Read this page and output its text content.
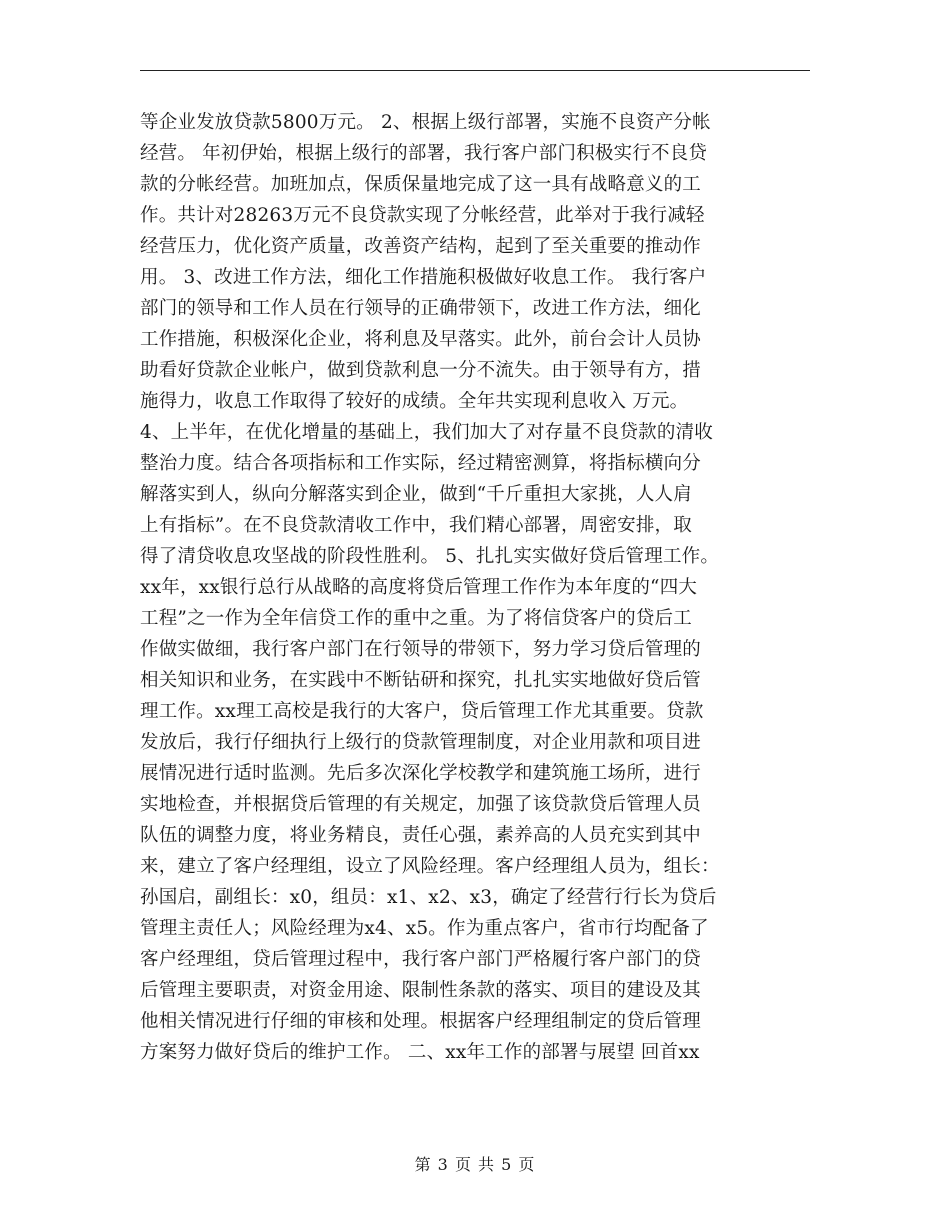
等企业发放贷款5800万元。 2、根据上级行部署，实施不良资产分帐
经营。 年初伊始，根据上级行的部署，我行客户部门积极实行不良贷
款的分帐经营。加班加点，保质保量地完成了这一具有战略意义的工
作。共计对28263万元不良贷款实现了分帐经营，此举对于我行减轻
经营压力，优化资产质量，改善资产结构，起到了至关重要的推动作
用。 3、改进工作方法，细化工作措施积极做好收息工作。 我行客户
部门的领导和工作人员在行领导的正确带领下，改进工作方法，细化
工作措施，积极深化企业，将利息及早落实。此外，前台会计人员协
助看好贷款企业帐户，做到贷款利息一分不流失。由于领导有方，措
施得力，收息工作取得了较好的成绩。全年共实现利息收入 万元。
4、上半年，在优化增量的基础上，我们加大了对存量不良贷款的清收
整治力度。结合各项指标和工作实际，经过精密测算，将指标横向分
解落实到人，纵向分解落实到企业，做到“千斤重担大家挑，人人肩
上有指标”。在不良贷款清收工作中，我们精心部署，周密安排，取
得了清贷收息攻坚战的阶段性胜利。 5、扎扎实实做好贷后管理工作。
xx年，xx银行总行从战略的高度将贷后管理工作作为本年度的“四大
工程”之一作为全年信贷工作的重中之重。为了将信贷客户的贷后工
作做实做细，我行客户部门在行领导的带领下，努力学习贷后管理的
相关知识和业务，在实践中不断钻研和探究，扎扎实实地做好贷后管
理工作。xx理工高校是我行的大客户，贷后管理工作尤其重要。贷款
发放后，我行仔细执行上级行的贷款管理制度，对企业用款和项目进
展情况进行适时监测。先后多次深化学校教学和建筑施工场所，进行
实地检查，并根据贷后管理的有关规定，加强了该贷款贷后管理人员
队伍的调整力度，将业务精良，责任心强，素养高的人员充实到其中
来，建立了客户经理组，设立了风险经理。客户经理组人员为，组长：
孙国启，副组长：x0，组员：x1、x2、x3，确定了经营行行长为贷后
管理主责任人；风险经理为x4、x5。作为重点客户，省市行均配备了
客户经理组，贷后管理过程中，我行客户部门严格履行客户部门的贷
后管理主要职责，对资金用途、限制性条款的落实、项目的建设及其
他相关情况进行仔细的审核和处理。根据客户经理组制定的贷后管理
方案努力做好贷后的维护工作。 二、xx年工作的部署与展望 回首xx
第 3 页 共 5 页
